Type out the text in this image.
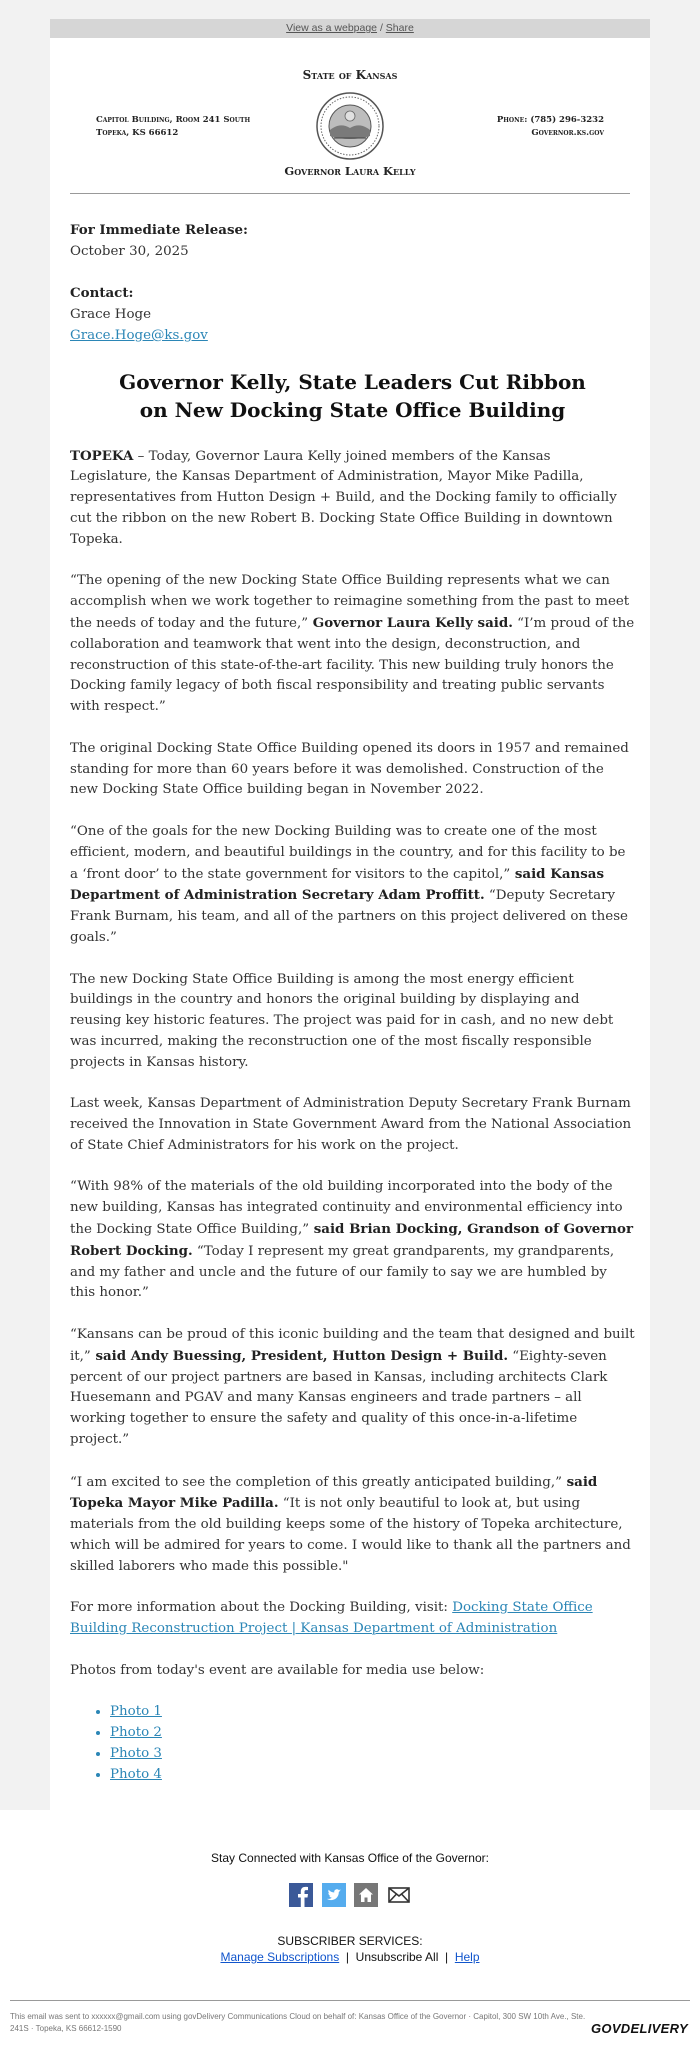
View as a webpage / Share
State of Kansas
Capitol Building, Room 241 South
Topeka, KS 66612
Phone: (785) 296-3232
Governor.ks.gov
Governor Laura Kelly

For Immediate Release:
October 30, 2025

Contact:
Grace Hoge
Grace.Hoge@ks.gov

Governor Kelly, State Leaders Cut Ribbon
on New Docking State Office Building

TOPEKA – Today, Governor Laura Kelly joined members of the Kansas Legislature, the Kansas Department of Administration, Mayor Mike Padilla, representatives from Hutton Design + Build, and the Docking family to officially cut the ribbon on the new Robert B. Docking State Office Building in downtown Topeka.

“The opening of the new Docking State Office Building represents what we can accomplish when we work together to reimagine something from the past to meet the needs of today and the future,” Governor Laura Kelly said. “I’m proud of the collaboration and teamwork that went into the design, deconstruction, and reconstruction of this state-of-the-art facility. This new building truly honors the Docking family legacy of both fiscal responsibility and treating public servants with respect.”

The original Docking State Office Building opened its doors in 1957 and remained standing for more than 60 years before it was demolished. Construction of the new Docking State Office building began in November 2022.

“One of the goals for the new Docking Building was to create one of the most efficient, modern, and beautiful buildings in the country, and for this facility to be a ‘front door’ to the state government for visitors to the capitol,” said Kansas Department of Administration Secretary Adam Proffitt. “Deputy Secretary Frank Burnam, his team, and all of the partners on this project delivered on these goals.”

The new Docking State Office Building is among the most energy efficient buildings in the country and honors the original building by displaying and reusing key historic features. The project was paid for in cash, and no new debt was incurred, making the reconstruction one of the most fiscally responsible projects in Kansas history.

Last week, Kansas Department of Administration Deputy Secretary Frank Burnam received the Innovation in State Government Award from the National Association of State Chief Administrators for his work on the project.

“With 98% of the materials of the old building incorporated into the body of the new building, Kansas has integrated continuity and environmental efficiency into the Docking State Office Building,” said Brian Docking, Grandson of Governor Robert Docking. “Today I represent my great grandparents, my grandparents, and my father and uncle and the future of our family to say we are humbled by this honor.”

“Kansans can be proud of this iconic building and the team that designed and built it,” said Andy Buessing, President, Hutton Design + Build. “Eighty-seven percent of our project partners are based in Kansas, including architects Clark Huesemann and PGAV and many Kansas engineers and trade partners – all working together to ensure the safety and quality of this once-in-a-lifetime project.”

“I am excited to see the completion of this greatly anticipated building,” said Topeka Mayor Mike Padilla. “It is not only beautiful to look at, but using materials from the old building keeps some of the history of Topeka architecture, which will be admired for years to come. I would like to thank all the partners and skilled laborers who made this possible."

For more information about the Docking Building, visit: Docking State Office Building Reconstruction Project | Kansas Department of Administration

Photos from today's event are available for media use below:

• Photo 1
• Photo 2
• Photo 3
• Photo 4
Stay Connected with Kansas Office of the Governor:

SUBSCRIBER SERVICES:
Manage Subscriptions  |  Unsubscribe All  |  Help
This email was sent to xxxxxx@gmail.com using govDelivery Communications Cloud on behalf of: Kansas Office of the Governor · Capitol, 300 SW 10th Ave., Ste. 241S · Topeka, KS 66612-1590	GOVDELIVERY
